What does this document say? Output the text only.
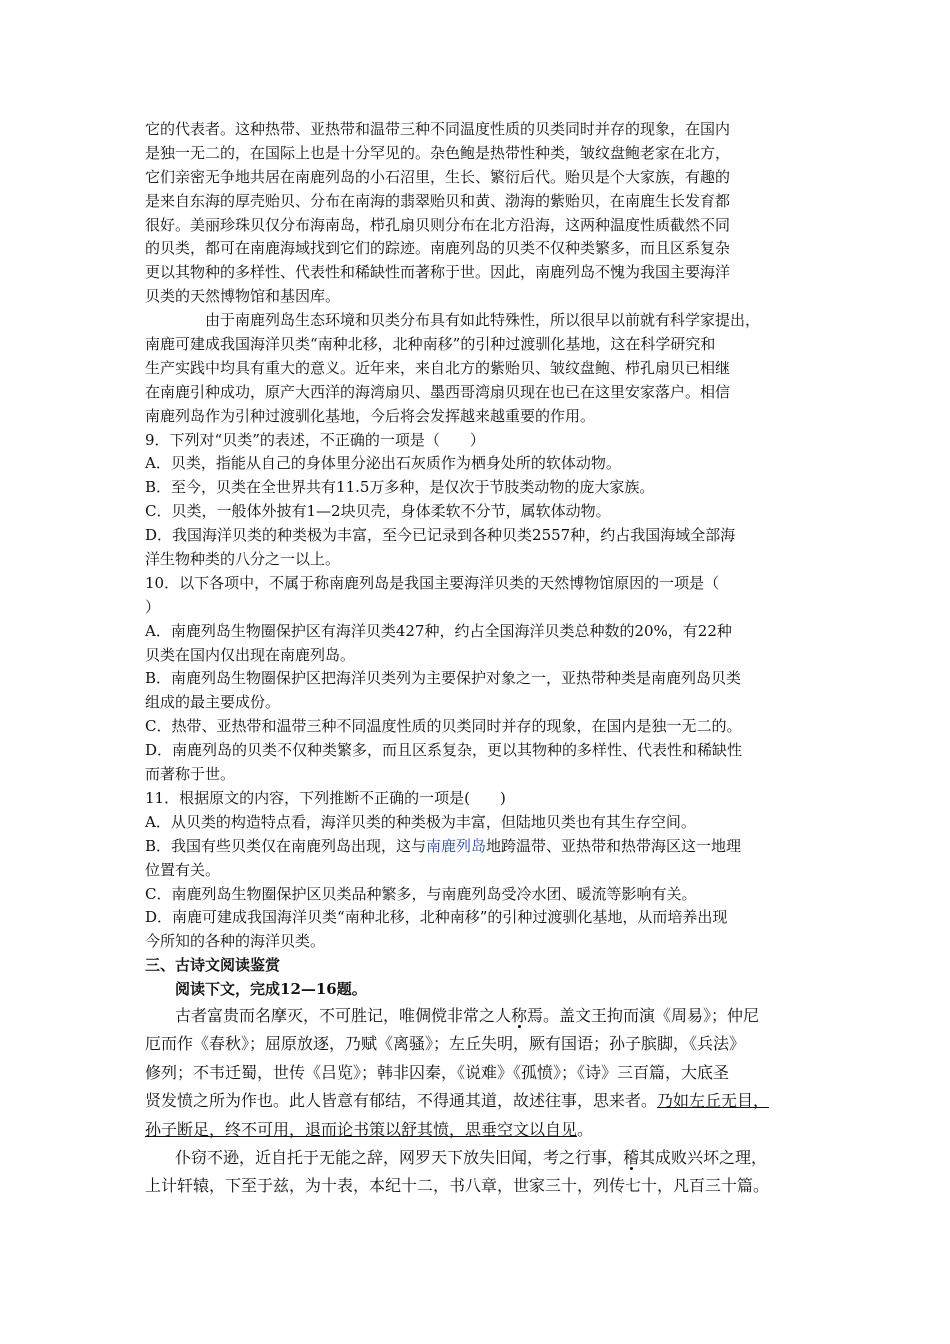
它的代表者。这种热带、亚热带和温带三种不同温度性质的贝类同时并存的现象，在国内
是独一无二的，在国际上也是十分罕见的。杂色鲍是热带性种类，皱纹盘鲍老家在北方，
它们亲密无争地共居在南鹿列岛的小石沼里，生长、繁衍后代。贻贝是个大家族，有趣的
是来自东海的厚壳贻贝、分布在南海的翡翠贻贝和黄、渤海的紫贻贝，在南鹿生长发育都
很好。美丽珍珠贝仅分布海南岛，栉孔扇贝则分布在北方沿海，这两种温度性质截然不同
的贝类，都可在南鹿海域找到它们的踪迹。南鹿列岛的贝类不仅种类繁多，而且区系复杂
更以其物种的多样性、代表性和稀缺性而著称于世。因此，南鹿列岛不愧为我国主要海洋
贝类的天然博物馆和基因库。
由于南鹿列岛生态环境和贝类分布具有如此特殊性，所以很早以前就有科学家提出，
南鹿可建成我国海洋贝类“南种北移，北种南移”的引种过渡驯化基地，这在科学研究和
生产实践中均具有重大的意义。近年来，来自北方的紫贻贝、皱纹盘鲍、栉孔扇贝已相继
在南鹿引种成功，原产大西洋的海湾扇贝、墨西哥湾扇贝现在也已在这里安家落户。相信
南鹿列岛作为引种过渡驯化基地，今后将会发挥越来越重要的作用。
9．下列对“贝类”的表述，不正确的一项是（　　）
A．贝类，指能从自己的身体里分泌出石灰质作为栖身处所的软体动物。
B．至今，贝类在全世界共有11.5万多种，是仅次于节肢类动物的庞大家族。
C．贝类，一般体外披有1—2块贝壳，身体柔软不分节，属软体动物。
D．我国海洋贝类的种类极为丰富，至今已记录到各种贝类2557种，约占我国海域全部海
洋生物种类的八分之一以上。
10．以下各项中，不属于称南鹿列岛是我国主要海洋贝类的天然博物馆原因的一项是（
）
A．南鹿列岛生物圈保护区有海洋贝类427种，约占全国海洋贝类总种数的20%，有22种
贝类在国内仅出现在南鹿列岛。
B．南鹿列岛生物圈保护区把海洋贝类列为主要保护对象之一，亚热带种类是南鹿列岛贝类
组成的最主要成份。
C．热带、亚热带和温带三种不同温度性质的贝类同时并存的现象，在国内是独一无二的。
D．南鹿列岛的贝类不仅种类繁多，而且区系复杂，更以其物种的多样性、代表性和稀缺性
而著称于世。
11．根据原文的内容，下列推断不正确的一项是(　　)
A．从贝类的构造特点看，海洋贝类的种类极为丰富，但陆地贝类也有其生存空间。
B．我国有些贝类仅在南鹿列岛出现，这与南鹿列岛地跨温带、亚热带和热带海区这一地理
位置有关。
C．南鹿列岛生物圈保护区贝类品种繁多，与南鹿列岛受冷水团、暖流等影响有关。
D．南鹿可建成我国海洋贝类“南种北移，北种南移”的引种过渡驯化基地，从而培养出现
今所知的各种的海洋贝类。
三、古诗文阅读鉴赏
阅读下文，完成12—16题。
古者富贵而名摩灭，不可胜记，唯倜傥非常之人称焉。盖文王拘而演《周易》；仲尼
厄而作《春秋》；屈原放逐，乃赋《离骚》；左丘失明，厥有国语；孙子膑脚，《兵法》
修列；不韦迁蜀，世传《吕览》；韩非囚秦，《说难》《孤愤》；《诗》三百篇，大底圣
贤发愤之所为作也。此人皆意有郁结，不得通其道，故述往事，思来者。乃如左丘无目，
孙子断足，终不可用，退而论书策以舒其愤，思垂空文以自见。
仆窃不逊，近自托于无能之辞，网罗天下放失旧闻，考之行事，稽其成败兴坏之理，
上计轩辕，下至于兹，为十表，本纪十二，书八章，世家三十，列传七十，凡百三十篇。
